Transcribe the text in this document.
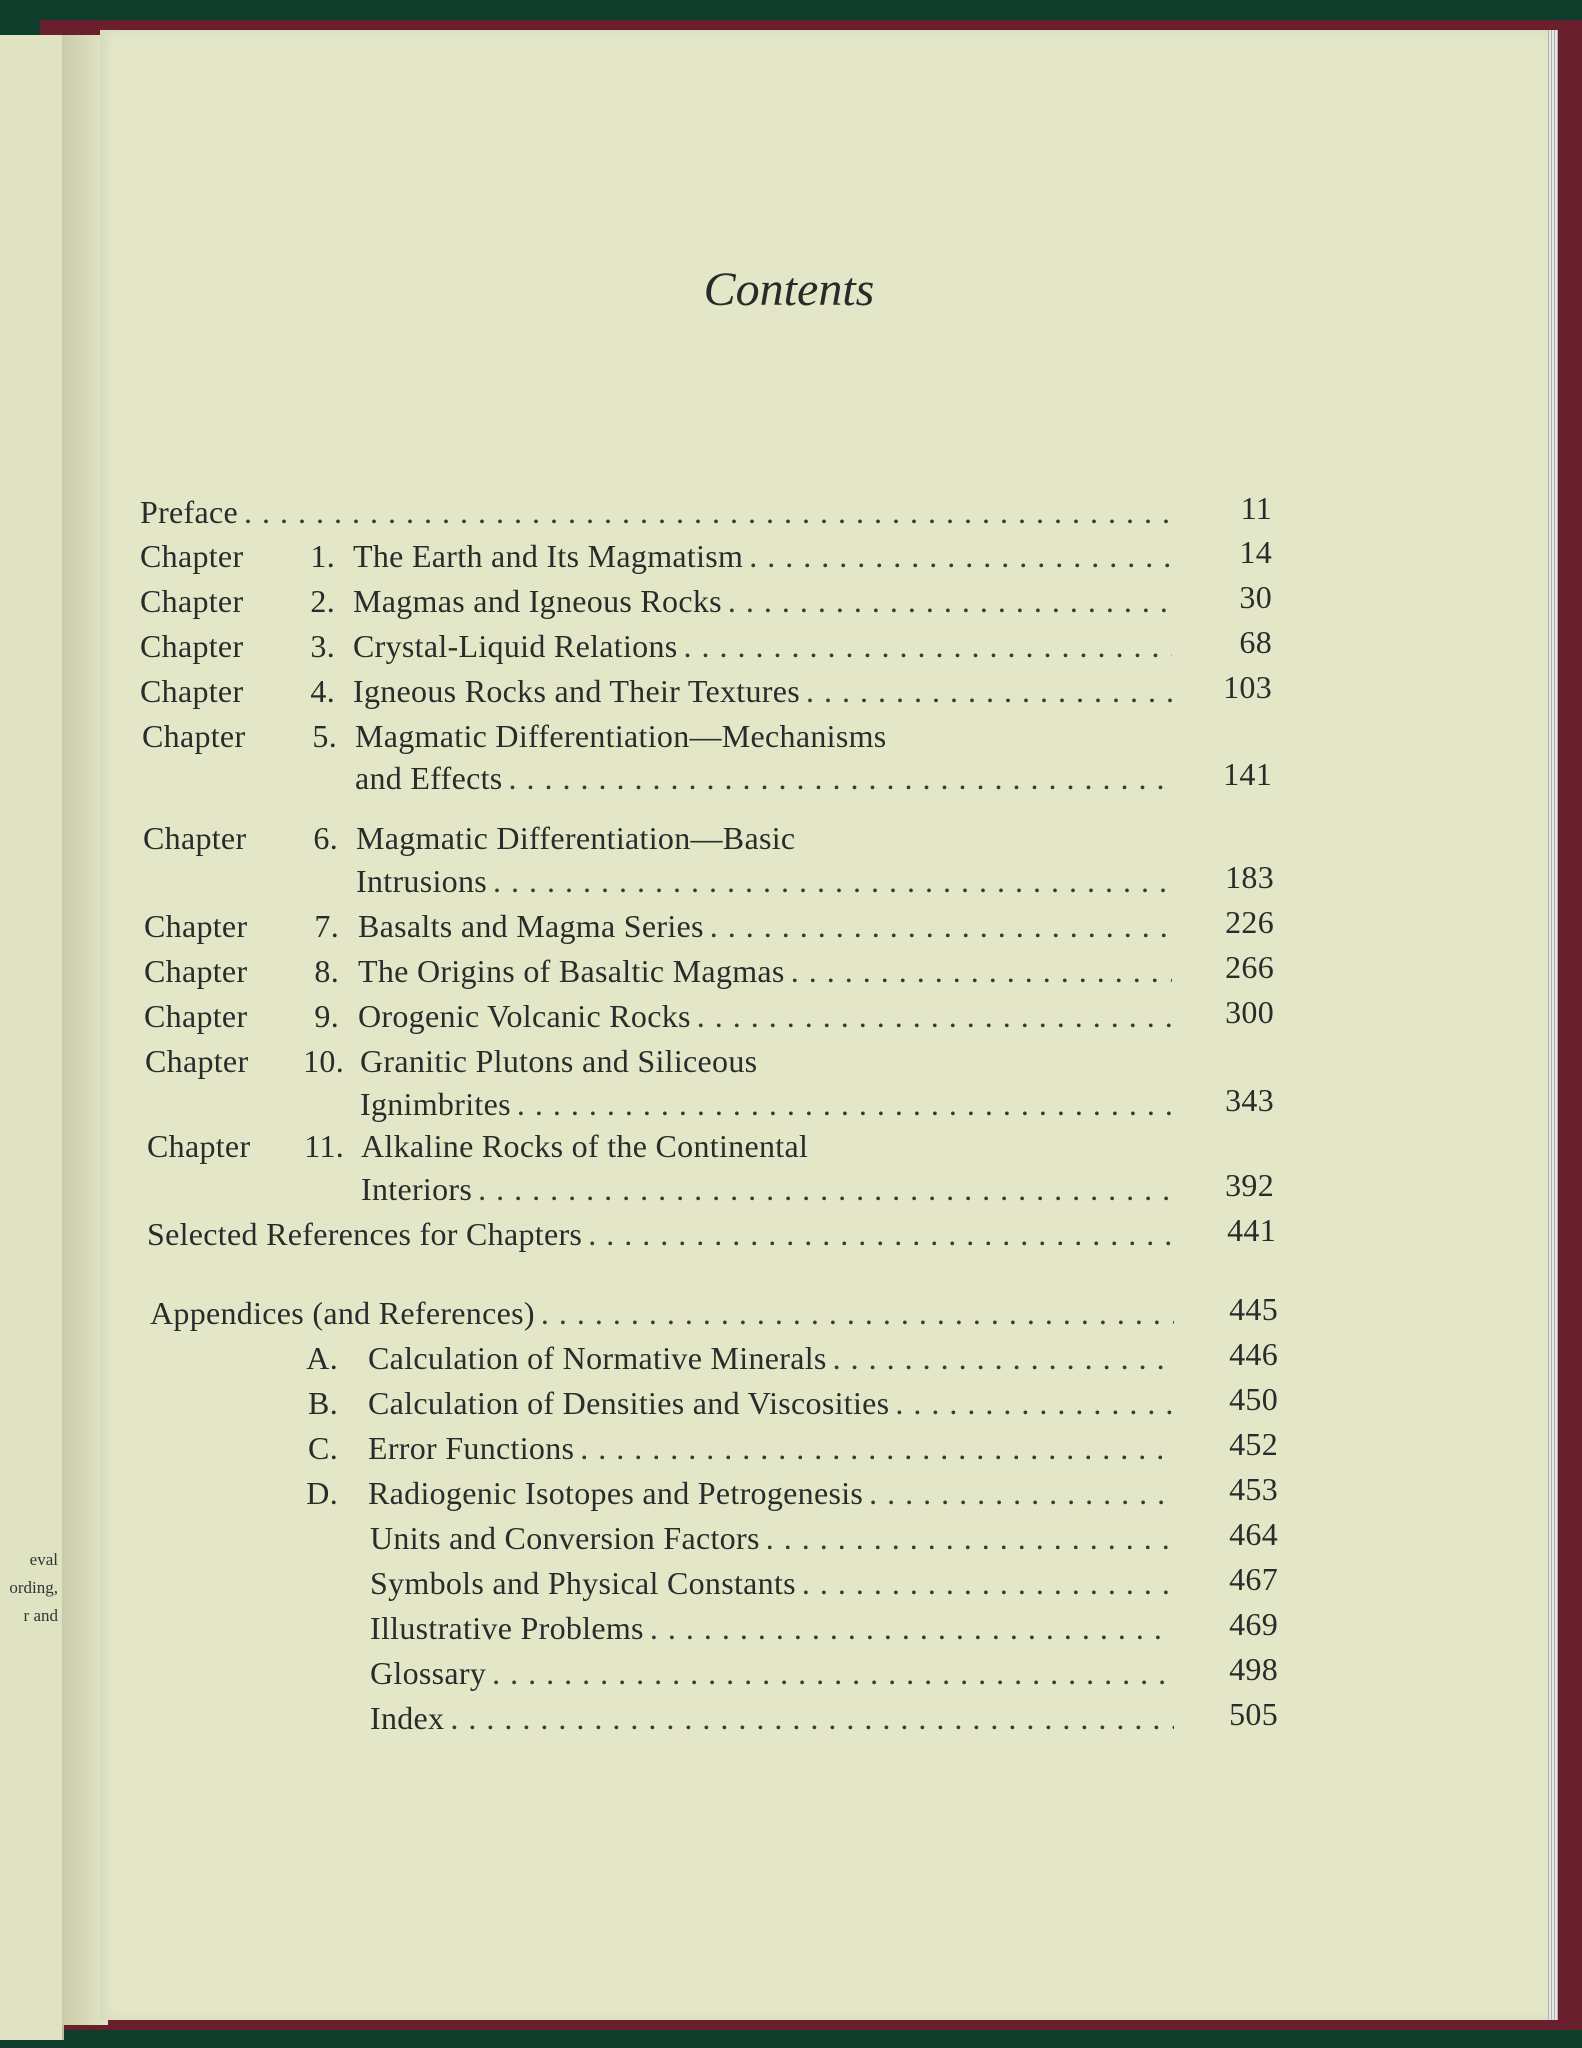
eval
ording,
r and
Contents
Preface . . .	11
Chapter	1. The Earth and Its Magmatism . . .	14
Chapter	2. Magmas and Igneous Rocks . . .	30
Chapter	3. Crystal-Liquid Relations . . .	68
Chapter	4. Igneous Rocks and Their Textures . . .	103
Chapter	5. Magmatic Differentiation—Mechanisms
and Effects . . .	141
Chapter	6. Magmatic Differentiation—Basic
Intrusions . . .	183
Chapter	7. Basalts and Magma Series . . .	226
Chapter	8. The Origins of Basaltic Magmas . . .	266
Chapter	9. Orogenic Volcanic Rocks . . .	300
Chapter	10. Granitic Plutons and Siliceous
Ignimbrites . . .	343
Chapter	11. Alkaline Rocks of the Continental
Interiors . . .	392
Selected References for Chapters . . .	441
Appendices (and References) . . .	445
A. Calculation of Normative Minerals . . .	446
B. Calculation of Densities and Viscosities . . .	450
C. Error Functions . . .	452
D. Radiogenic Isotopes and Petrogenesis . . .	453
Units and Conversion Factors . . .	464
Symbols and Physical Constants . . .	467
Illustrative Problems . . .	469
Glossary . . .	498
Index . . .	505
